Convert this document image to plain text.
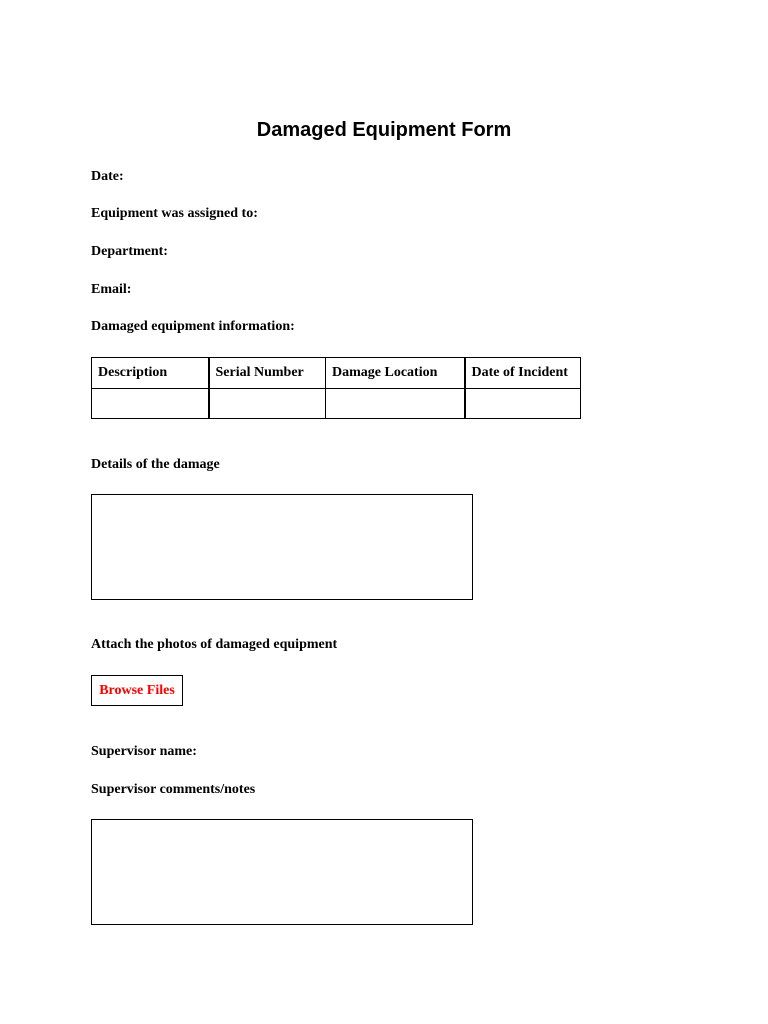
Damaged Equipment Form
Date:
Equipment was assigned to:
Department:
Email:
Damaged equipment information:
Description	Serial Number	Damage Location	Date of Incident

Details of the damage
Attach the photos of damaged equipment
Browse Files
Supervisor name:
Supervisor comments/notes
